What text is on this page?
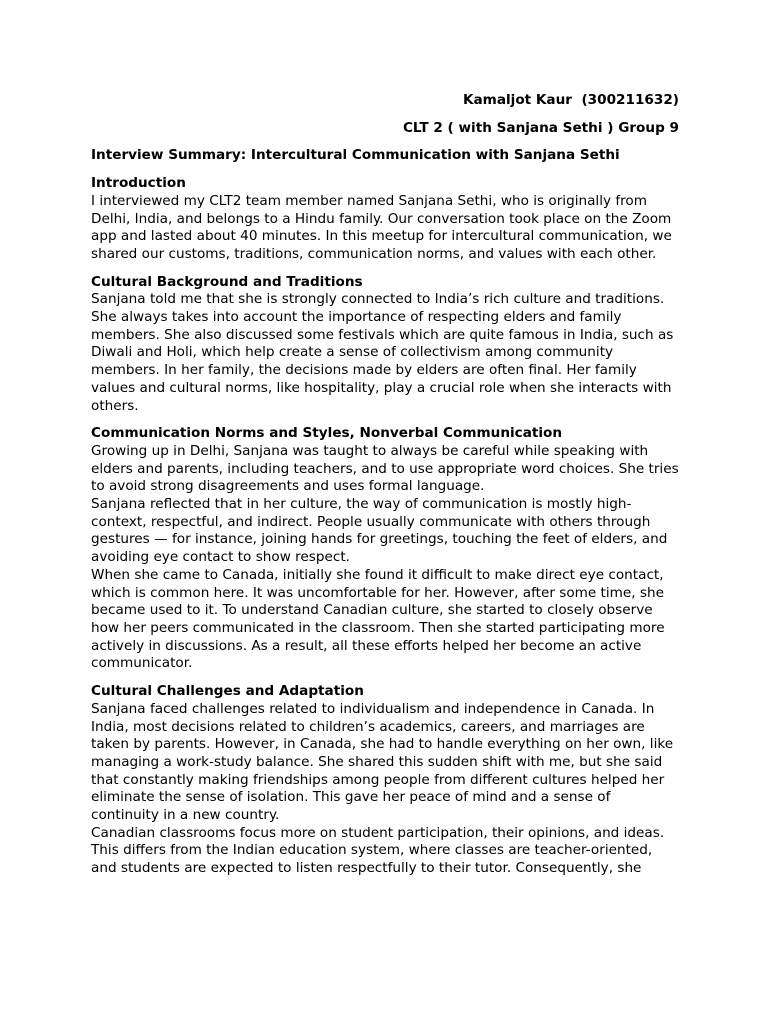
Kamaljot Kaur  (300211632)
CLT 2 ( with Sanjana Sethi ) Group 9
Interview Summary: Intercultural Communication with Sanjana Sethi
Introduction

I interviewed my CLT2 team member named Sanjana Sethi, who is originally from Delhi, India, and belongs to a Hindu family. Our conversation took place on the Zoom app and lasted about 40 minutes. In this meetup for intercultural communication, we shared our customs, traditions, communication norms, and values with each other.

Cultural Background and Traditions

Sanjana told me that she is strongly connected to India’s rich culture and traditions. She always takes into account the importance of respecting elders and family members. She also discussed some festivals which are quite famous in India, such as Diwali and Holi, which help create a sense of collectivism among community members. In her family, the decisions made by elders are often final. Her family values and cultural norms, like hospitality, play a crucial role when she interacts with others.

Communication Norms and Styles, Nonverbal Communication

Growing up in Delhi, Sanjana was taught to always be careful while speaking with elders and parents, including teachers, and to use appropriate word choices. She tries to avoid strong disagreements and uses formal language.

Sanjana reflected that in her culture, the way of communication is mostly high-context, respectful, and indirect. People usually communicate with others through gestures — for instance, joining hands for greetings, touching the feet of elders, and avoiding eye contact to show respect.

When she came to Canada, initially she found it difficult to make direct eye contact, which is common here. It was uncomfortable for her. However, after some time, she became used to it. To understand Canadian culture, she started to closely observe how her peers communicated in the classroom. Then she started participating more actively in discussions. As a result, all these efforts helped her become an active communicator.

Cultural Challenges and Adaptation

Sanjana faced challenges related to individualism and independence in Canada. In India, most decisions related to children’s academics, careers, and marriages are taken by parents. However, in Canada, she had to handle everything on her own, like managing a work-study balance. She shared this sudden shift with me, but she said that constantly making friendships among people from different cultures helped her eliminate the sense of isolation. This gave her peace of mind and a sense of continuity in a new country.

Canadian classrooms focus more on student participation, their opinions, and ideas. This differs from the Indian education system, where classes are teacher-oriented, and students are expected to listen respectfully to their tutor. Consequently, she
